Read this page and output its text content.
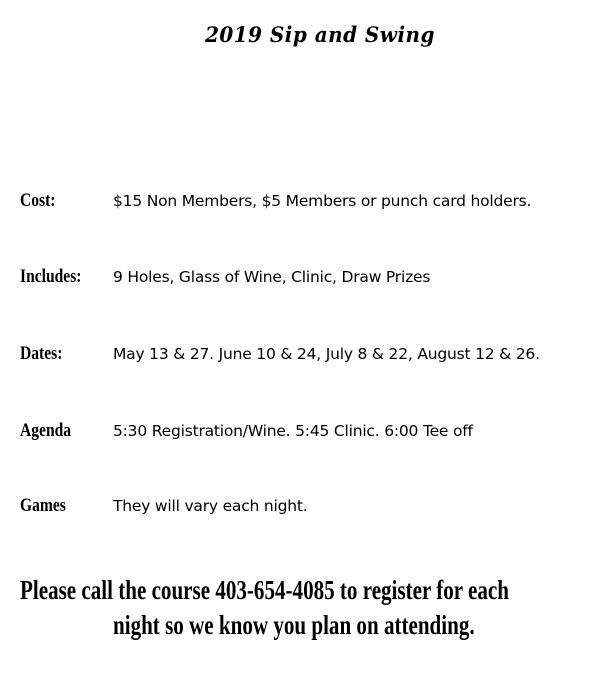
2019 Sip and Swing
Cost:	$15 Non Members, $5 Members or punch card holders.
Includes: 9 Holes, Glass of Wine, Clinic, Draw Prizes
Dates:	May 13 & 27. June 10 & 24, July 8 & 22, August 12 & 26.
Agenda	5:30 Registration/Wine. 5:45 Clinic. 6:00 Tee off
Games	They will vary each night.
Please call the course 403-654-4085 to register for each
night so we know you plan on attending.
